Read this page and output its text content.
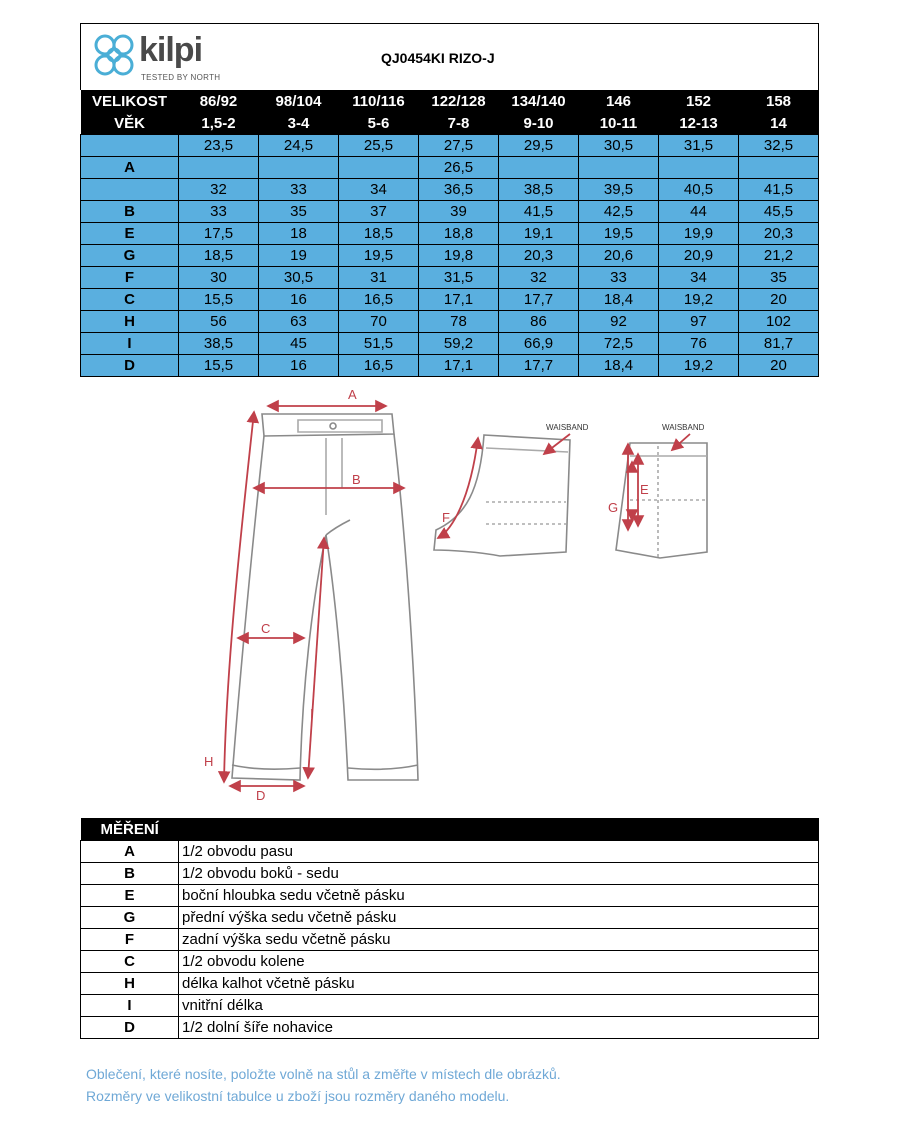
kilpi
TESTED BY NORTH
QJ0454KI RIZO-J
VELIKOST	86/92	98/104	110/116	122/128	134/140	146	152	158
VĚK	1,5-2	3-4	5-6	7-8	9-10	10-11	12-13	14
	23,5	24,5	25,5	27,5	29,5	30,5	31,5	32,5
A				26,5				
	32	33	34	36,5	38,5	39,5	40,5	41,5
B	33	35	37	39	41,5	42,5	44	45,5
E	17,5	18	18,5	18,8	19,1	19,5	19,9	20,3
G	18,5	19	19,5	19,8	20,3	20,6	20,9	21,2
F	30	30,5	31	31,5	32	33	34	35
C	15,5	16	16,5	17,1	17,7	18,4	19,2	20
H	56	63	70	78	86	92	97	102
I	38,5	45	51,5	59,2	66,9	72,5	76	81,7
D	15,5	16	16,5	17,1	17,7	18,4	19,2	20
A
B
C
D
H
I
F
E
G
WAISBAND	WAISBAND
MĚŘENÍ	
A	1/2 obvodu pasu
B	1/2 obvodu boků - sedu
E	boční hloubka sedu včetně pásku
G	přední výška sedu včetně pásku
F	zadní výška sedu včetně pásku
C	1/2 obvodu kolene
H	délka kalhot včetně pásku
I	vnitřní délka
D	1/2 dolní šíře nohavice
Oblečení, které nosíte, položte volně na stůl a změřte v místech dle obrázků.
Rozměry ve velikostní tabulce u zboží jsou rozměry daného modelu.
